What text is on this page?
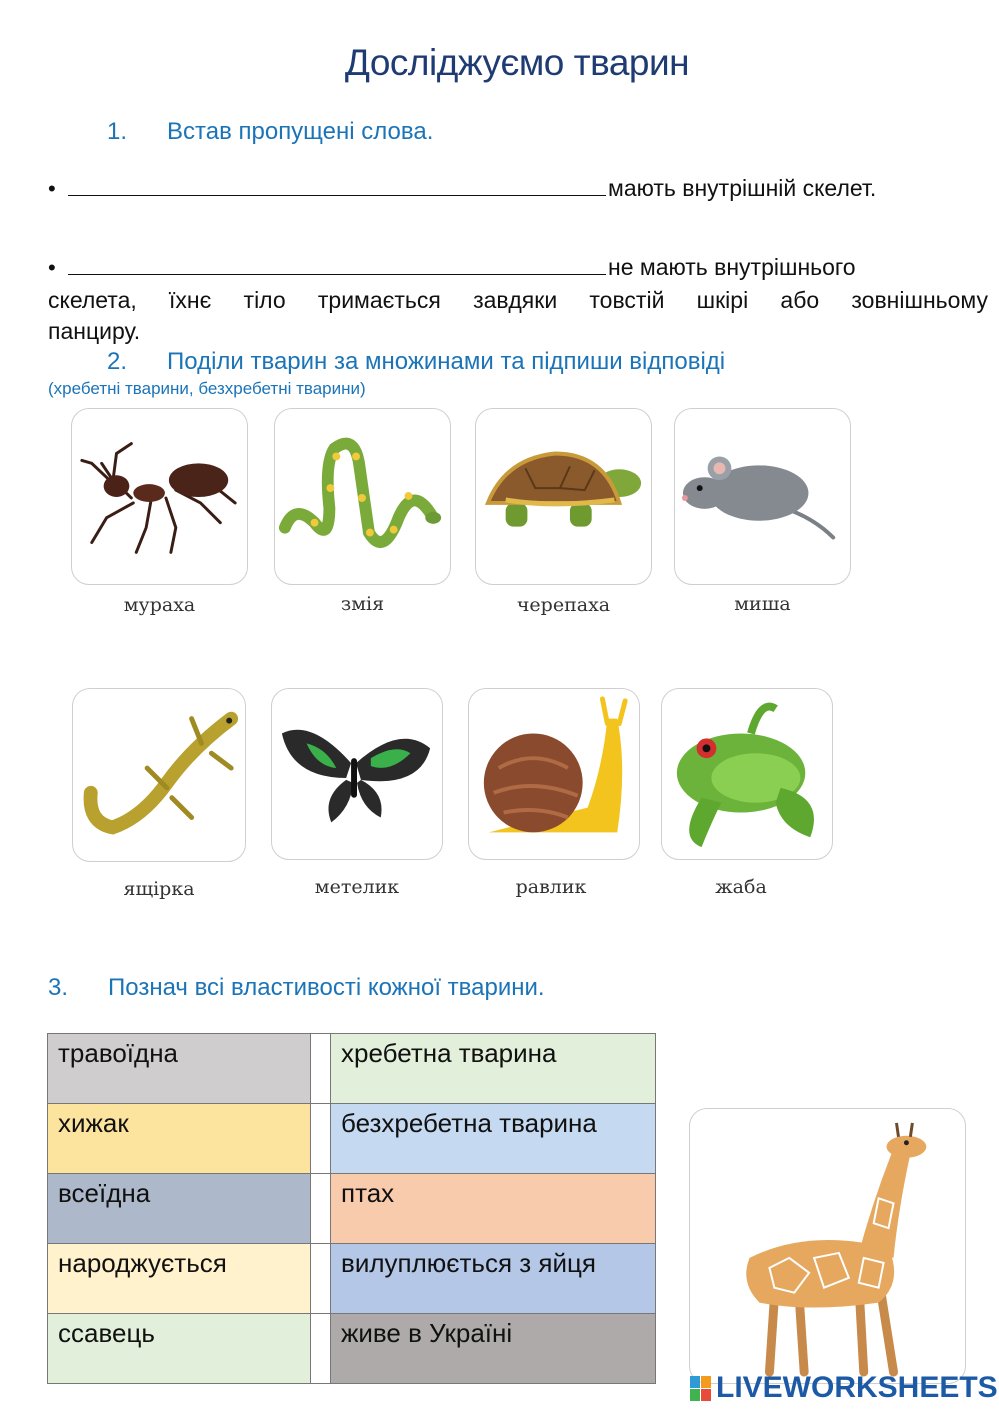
Досліджуємо тварин
1. Встав пропущені слова.
•	мають внутрішній скелет.
•	не мають внутрішнього
скелета, їхнє тіло тримається завдяки товстій шкірі або зовнішньому
панциру.
2. Поділи тварин за множинами та підпиши відповіді
(хребетні тварини, безхребетні тварини)
мураха	змія	черепаха	миша
ящірка	метелик	равлик	жаба
3. Познач всі властивості кожної тварини.
травоїдна		хребетна тварина
хижак		безхребетна тварина
всеїдна		птах
народжується		вилуплюється з яйця
ссавець		живе в Україні
LIVEWORKSHEETS
